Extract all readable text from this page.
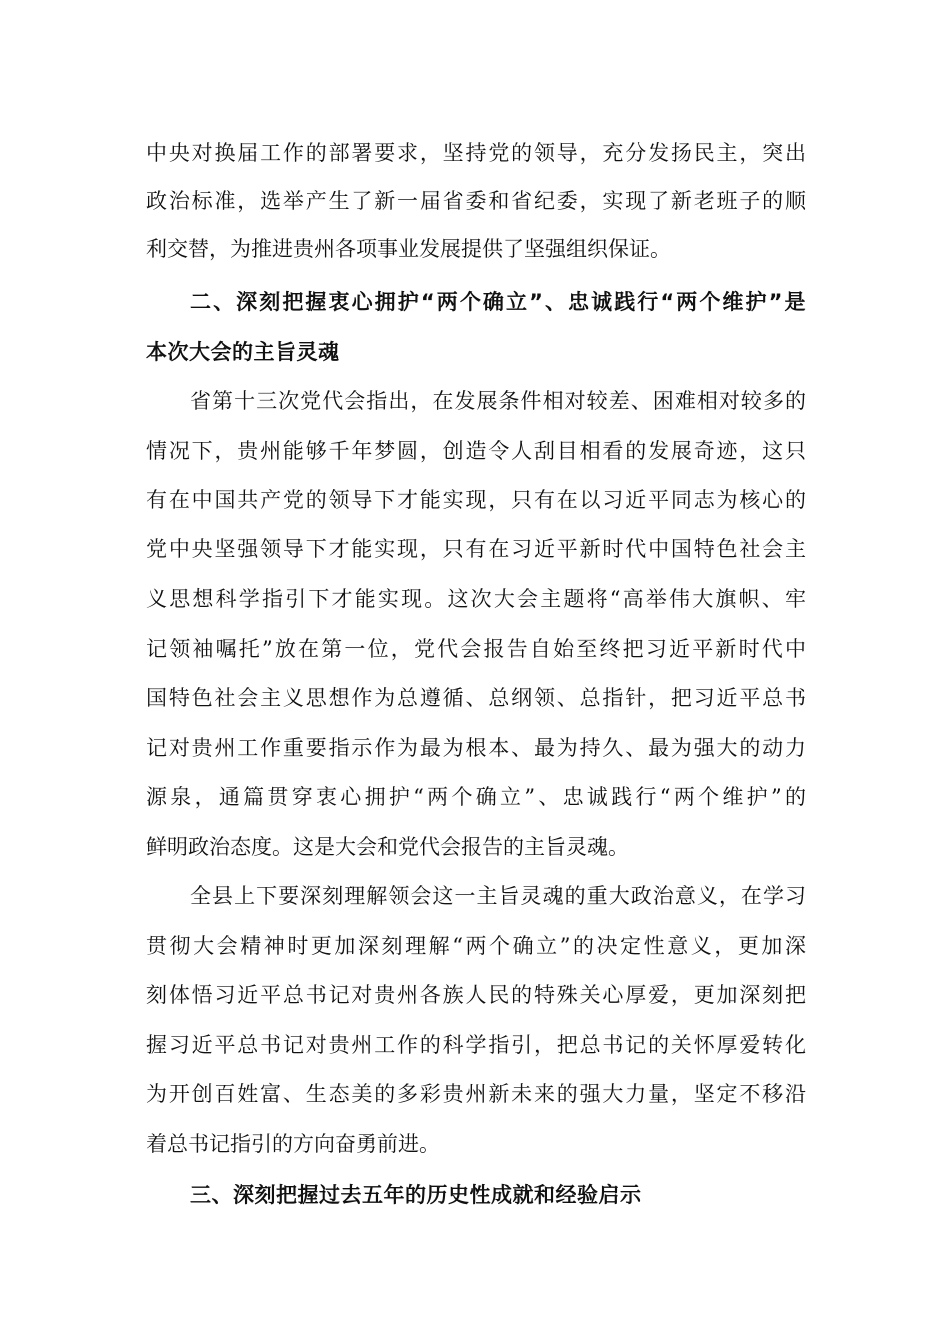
中央对换届工作的部署要求，坚持党的领导，充分发扬民主，突出
政治标准，选举产生了新一届省委和省纪委，实现了新老班子的顺
利交替，为推进贵州各项事业发展提供了坚强组织保证。
二、深刻把握衷心拥护“两个确立”、忠诚践行“两个维护”是
本次大会的主旨灵魂
省第十三次党代会指出，在发展条件相对较差、困难相对较多的
情况下，贵州能够千年梦圆，创造令人刮目相看的发展奇迹，这只
有在中国共产党的领导下才能实现，只有在以习近平同志为核心的
党中央坚强领导下才能实现，只有在习近平新时代中国特色社会主
义思想科学指引下才能实现。这次大会主题将“高举伟大旗帜、牢
记领袖嘱托”放在第一位，党代会报告自始至终把习近平新时代中
国特色社会主义思想作为总遵循、总纲领、总指针，把习近平总书
记对贵州工作重要指示作为最为根本、最为持久、最为强大的动力
源泉，通篇贯穿衷心拥护“两个确立”、忠诚践行“两个维护”的
鲜明政治态度。这是大会和党代会报告的主旨灵魂。
全县上下要深刻理解领会这一主旨灵魂的重大政治意义，在学习
贯彻大会精神时更加深刻理解“两个确立”的决定性意义，更加深
刻体悟习近平总书记对贵州各族人民的特殊关心厚爱，更加深刻把
握习近平总书记对贵州工作的科学指引，把总书记的关怀厚爱转化
为开创百姓富、生态美的多彩贵州新未来的强大力量，坚定不移沿
着总书记指引的方向奋勇前进。
三、深刻把握过去五年的历史性成就和经验启示
